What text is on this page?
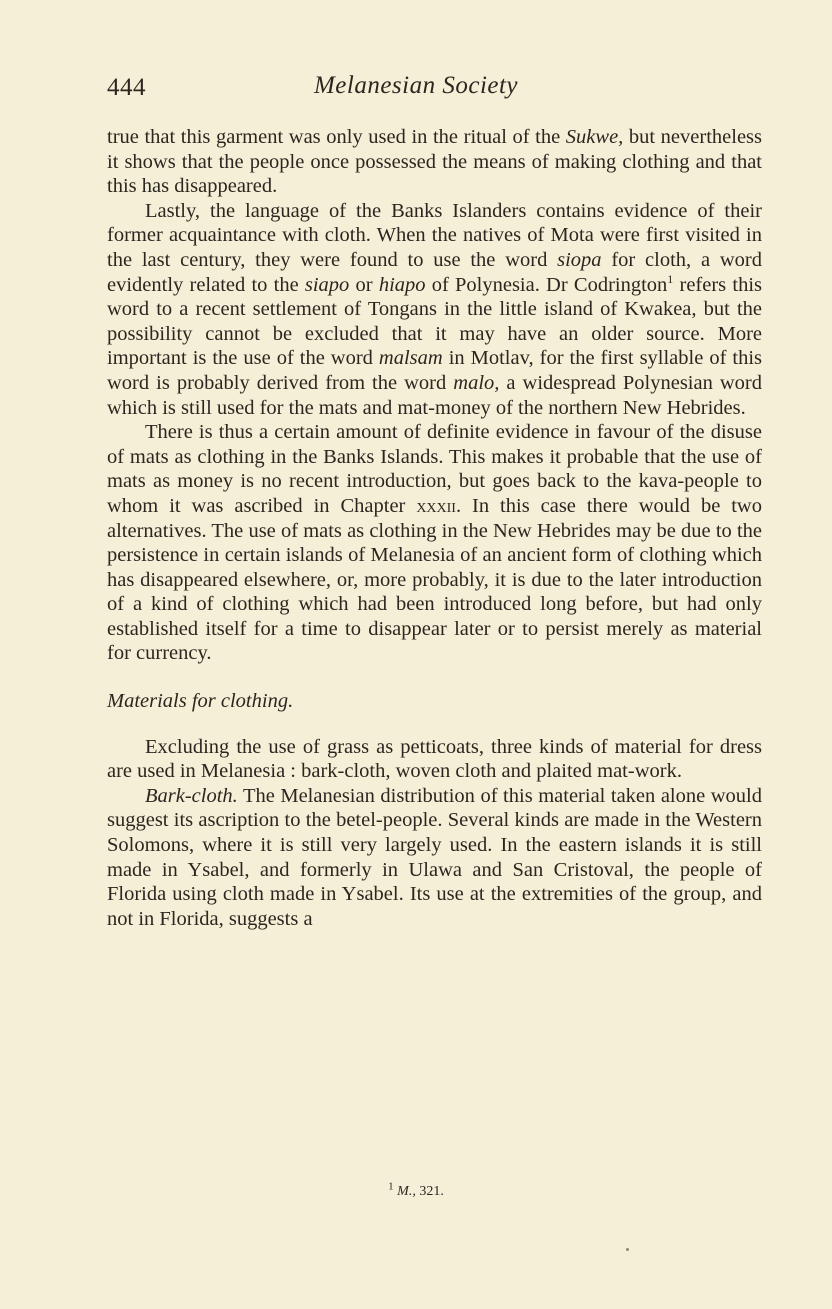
444	Melanesian Society

true that this garment was only used in the ritual of the Sukwe, but nevertheless it shows that the people once possessed the means of making clothing and that this has disappeared.

Lastly, the language of the Banks Islanders contains evidence of their former acquaintance with cloth. When the natives of Mota were first visited in the last century, they were found to use the word siopa for cloth, a word evidently related to the siapo or hiapo of Polynesia. Dr Codrington$^1$ refers this word to a recent settlement of Tongans in the little island of Kwakea, but the possibility cannot be excluded that it may have an older source. More important is the use of the word malsam in Motlav, for the first syllable of this word is probably derived from the word malo, a widespread Polynesian word which is still used for the mats and mat-money of the northern New Hebrides.

There is thus a certain amount of definite evidence in favour of the disuse of mats as clothing in the Banks Islands. This makes it probable that the use of mats as money is no recent introduction, but goes back to the kava-people to whom it was ascribed in Chapter xxxii. In this case there would be two alternatives. The use of mats as clothing in the New Hebrides may be due to the persistence in certain islands of Melanesia of an ancient form of clothing which has disappeared elsewhere, or, more probably, it is due to the later introduction of a kind of clothing which had been introduced long before, but had only established itself for a time to disappear later or to persist merely as material for currency.

Materials for clothing.

Excluding the use of grass as petticoats, three kinds of material for dress are used in Melanesia : bark-cloth, woven cloth and plaited mat-work.

Bark-cloth. The Melanesian distribution of this material taken alone would suggest its ascription to the betel-people. Several kinds are made in the Western Solomons, where it is still very largely used. In the eastern islands it is still made in Ysabel, and formerly in Ulawa and San Cristoval, the people of Florida using cloth made in Ysabel. Its use at the extremities of the group, and not in Florida, suggests a

$^1$ M., 321.
